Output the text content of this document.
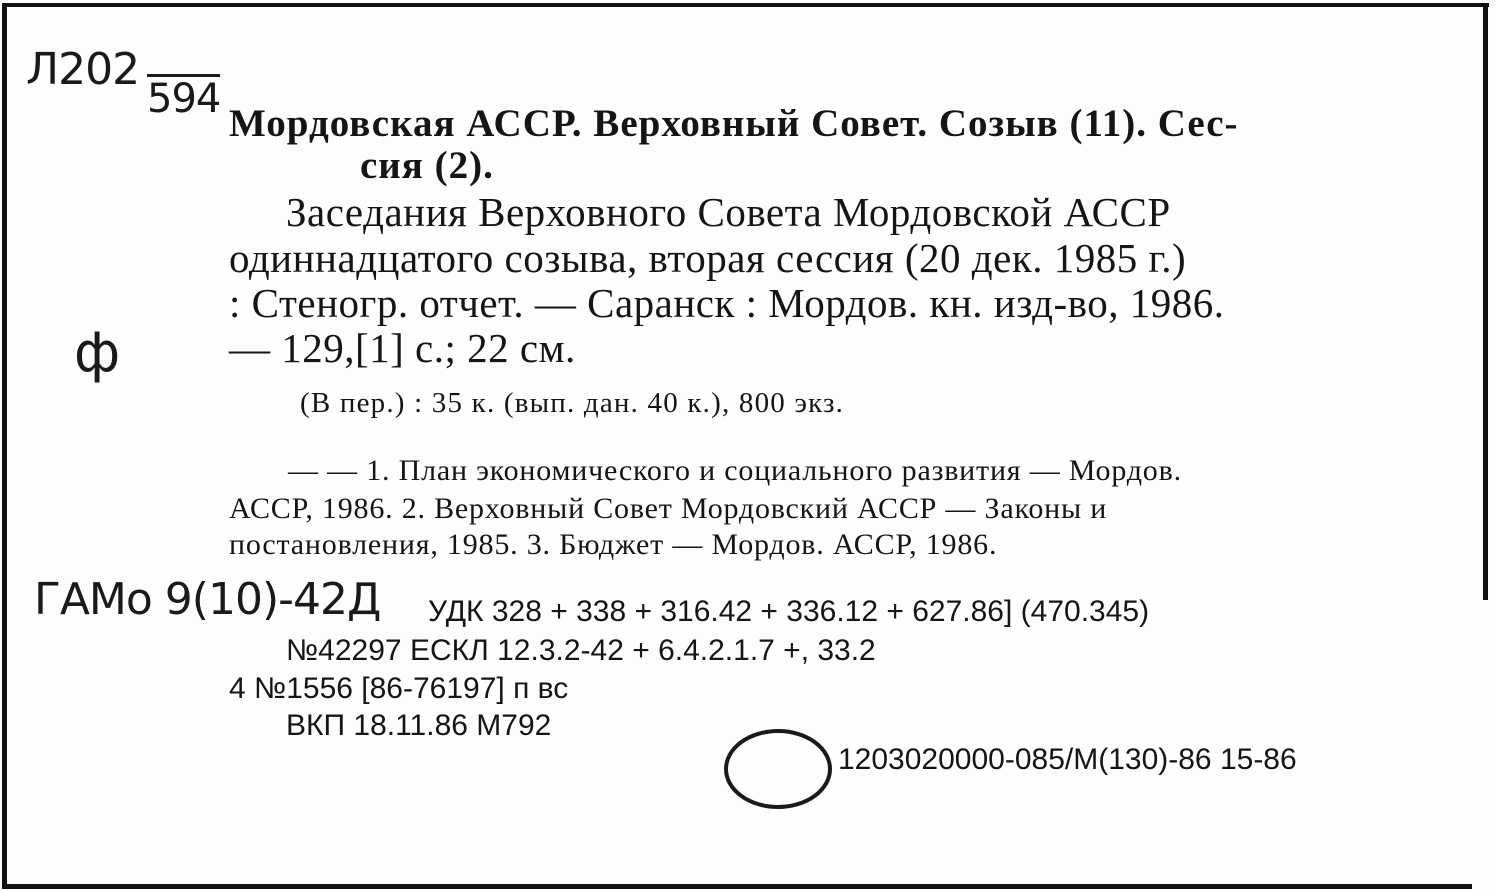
Л202
594
Мордовская АССР. Верховный Совет. Созыв (11). Сес-
сия (2).
Заседания Верховного Совета Мордовской АССР
одиннадцатого созыва, вторая сессия (20 дек. 1985 г.)
: Стеногр. отчет. — Саранск : Мордов. кн. изд-во, 1986.
— 129,[1] с.; 22 см.
ф
(В пер.) : 35 к. (вып. дан. 40 к.), 800 экз.
— — 1. План экономического и социального развития — Мордов.
АССР, 1986. 2. Верховный Совет Мордовский АССР — Законы и
постановления, 1985. 3. Бюджет — Мордов. АССР, 1986.
ГАМо 9(10)-42Д УДК 328 + 338 + 316.42 + 336.12 + 627.86] (470.345)
№42297 ЕСКЛ 12.3.2-42 + 6.4.2.1.7 +, 33.2
4 №1556 [86-76197] п вс
ВКП 18.11.86 М792
1203020000-085/М(130)-86 15-86
